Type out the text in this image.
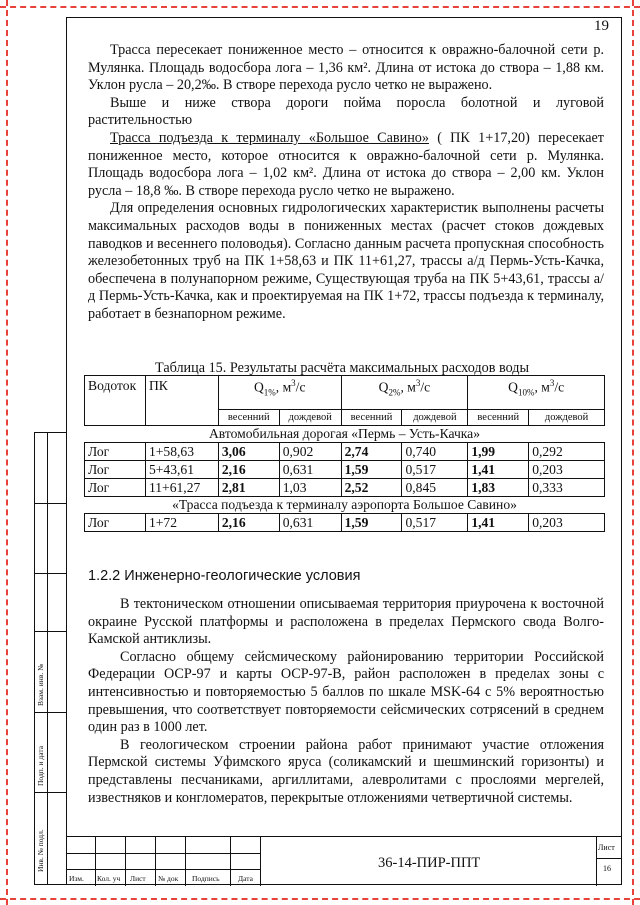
19

Трасса пересекает пониженное место – относится к овражно-балочной сети р. Мулянка. Площадь водосбора лога – 1,36 км². Длина от истока до створа – 1,88 км. Уклон русла – 20,2‰. В створе перехода русло четко не выражено.

Выше и ниже створа дороги пойма поросла болотной и луговой растительностью

Трасса подъезда к терминалу «Большое Савино» ( ПК 1+17,20) пересекает пониженное место, которое относится к овражно-балочной сети р. Мулянка. Площадь водосбора лога – 1,02 км². Длина от истока до створа – 2,00 км. Уклон русла – 18,8 ‰. В створе перехода русло четко не выражено.

Для определения основных гидрологических характеристик выполнены расчеты максимальных расходов воды в пониженных местах (расчет стоков дождевых паводков и весеннего половодья). Согласно данным расчета пропускная способность железобетонных труб на ПК 1+58,63 и ПК 11+61,27, трассы а/д Пермь-Усть-Качка, обеспечена в полунапорном режиме, Существующая труба на ПК 5+43,61, трассы а/д Пермь-Усть-Качка, как и проектируемая на ПК 1+72, трассы подъезда к терминалу, работает в безнапорном режиме.

Таблица 15. Результаты расчёта максимальных расходов воды
Водоток	ПК	$Q_{1\%}$, $м^3/с$		$Q_{2\%}$, $м^3/с$		$Q_{10\%}$, $м^3/с$	
		весенний	дождевой	весенний	дождевой	весенний	дождевой
Автомобильная дорогая «Пермь – Усть-Качка»							
Лог	1+58,63	3,06	0,902	2,74	0,740	1,99	0,292
Лог	5+43,61	2,16	0,631	1,59	0,517	1,41	0,203
Лог	11+61,27	2,81	1,03	2,52	0,845	1,83	0,333
«Трасса подъезда к терминалу аэропорта Большое Савино»							
Лог	1+72	2,16	0,631	1,59	0,517	1,41	0,203
1.2.2 Инженерно-геологические условия

В тектоническом отношении описываемая территория приурочена к восточной окраине Русской платформы и расположена в пределах Пермского свода Волго-Камской антиклизы.

Согласно общему сейсмическому районированию территории Российской Федерации ОСР-97 и карты ОСР-97-В, район расположен в пределах зоны с интенсивностью и повторяемостью 5 баллов по шкале MSK-64 с 5% вероятностью превышения, что соответствует повторяемости сейсмических сотрясений в среднем один раз в 1000 лет.

В геологическом строении района работ принимают участие отложения Пермской системы Уфимского яруса (соликамский и шешминский горизонты) и представлены песчаниками, аргиллитами, алевролитами с прослоями мергелей, известняков и конгломератов, перекрытые отложениями четвертичной системы.

Взам. инв. №
Подп. и дата
Инв. № подл.
Изм. Кол. уч Лист № док Подпись Дата
36-14-ПИР-ППТ
Лист
16
